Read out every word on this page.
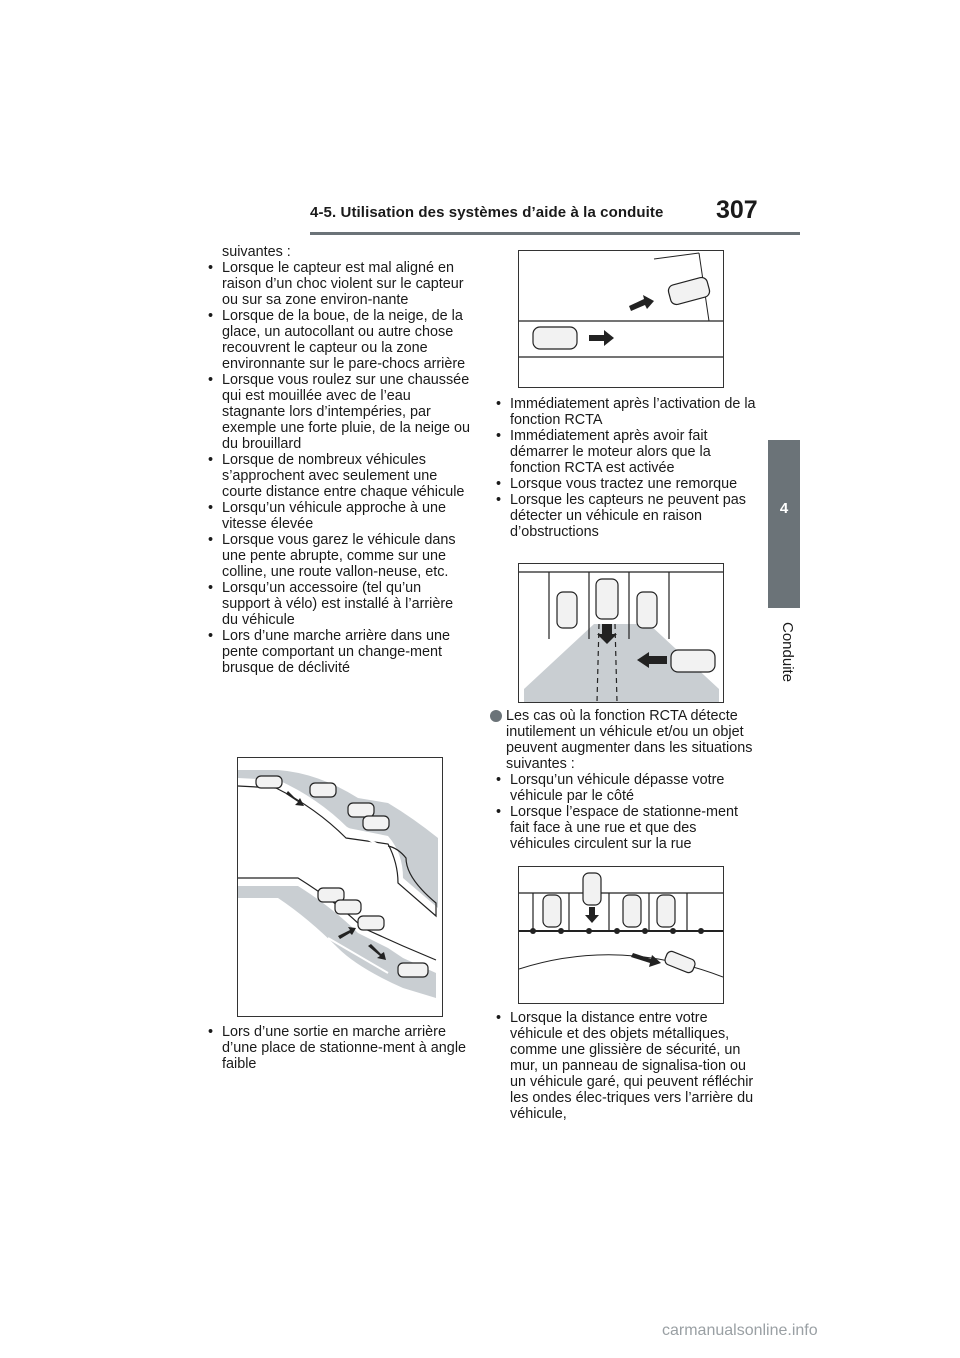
4-5. Utilisation des systèmes d’aide à la conduite 307
4
Conduite
suivantes :

• Lorsque le capteur est mal aligné en raison d’un choc violent sur le capteur ou sur sa zone environ-nante

• Lorsque de la boue, de la neige, de la glace, un autocollant ou autre chose recouvrent le capteur ou la zone environnante sur le pare-chocs arrière

• Lorsque vous roulez sur une chaussée qui est mouillée avec de l’eau stagnante lors d’intempéries, par exemple une forte pluie, de la neige ou du brouillard

• Lorsque de nombreux véhicules s’approchent avec seulement une courte distance entre chaque véhicule

• Lorsqu’un véhicule approche à une vitesse élevée

• Lorsque vous garez le véhicule dans une pente abrupte, comme sur une colline, une route vallon-neuse, etc.

• Lorsqu’un accessoire (tel qu’un support à vélo) est installé à l’arrière du véhicule

• Lors d’une marche arrière dans une pente comportant un change-ment brusque de déclivité

• Lors d’une sortie en marche arrière d’une place de stationne-ment à angle faible

• Immédiatement après l’activation de la fonction RCTA

• Immédiatement après avoir fait démarrer le moteur alors que la fonction RCTA est activée

• Lorsque vous tractez une remorque

• Lorsque les capteurs ne peuvent pas détecter un véhicule en raison d’obstructions

Les cas où la fonction RCTA détecte inutilement un véhicule et/ou un objet peuvent augmenter dans les situations suivantes :

• Lorsqu’un véhicule dépasse votre véhicule par le côté

• Lorsque l’espace de stationne-ment fait face à une rue et que des véhicules circulent sur la rue

• Lorsque la distance entre votre véhicule et des objets métalliques, comme une glissière de sécurité, un mur, un panneau de signalisa-tion ou un véhicule garé, qui peuvent réfléchir les ondes élec-triques vers l’arrière du véhicule,

carmanualsonline.info
